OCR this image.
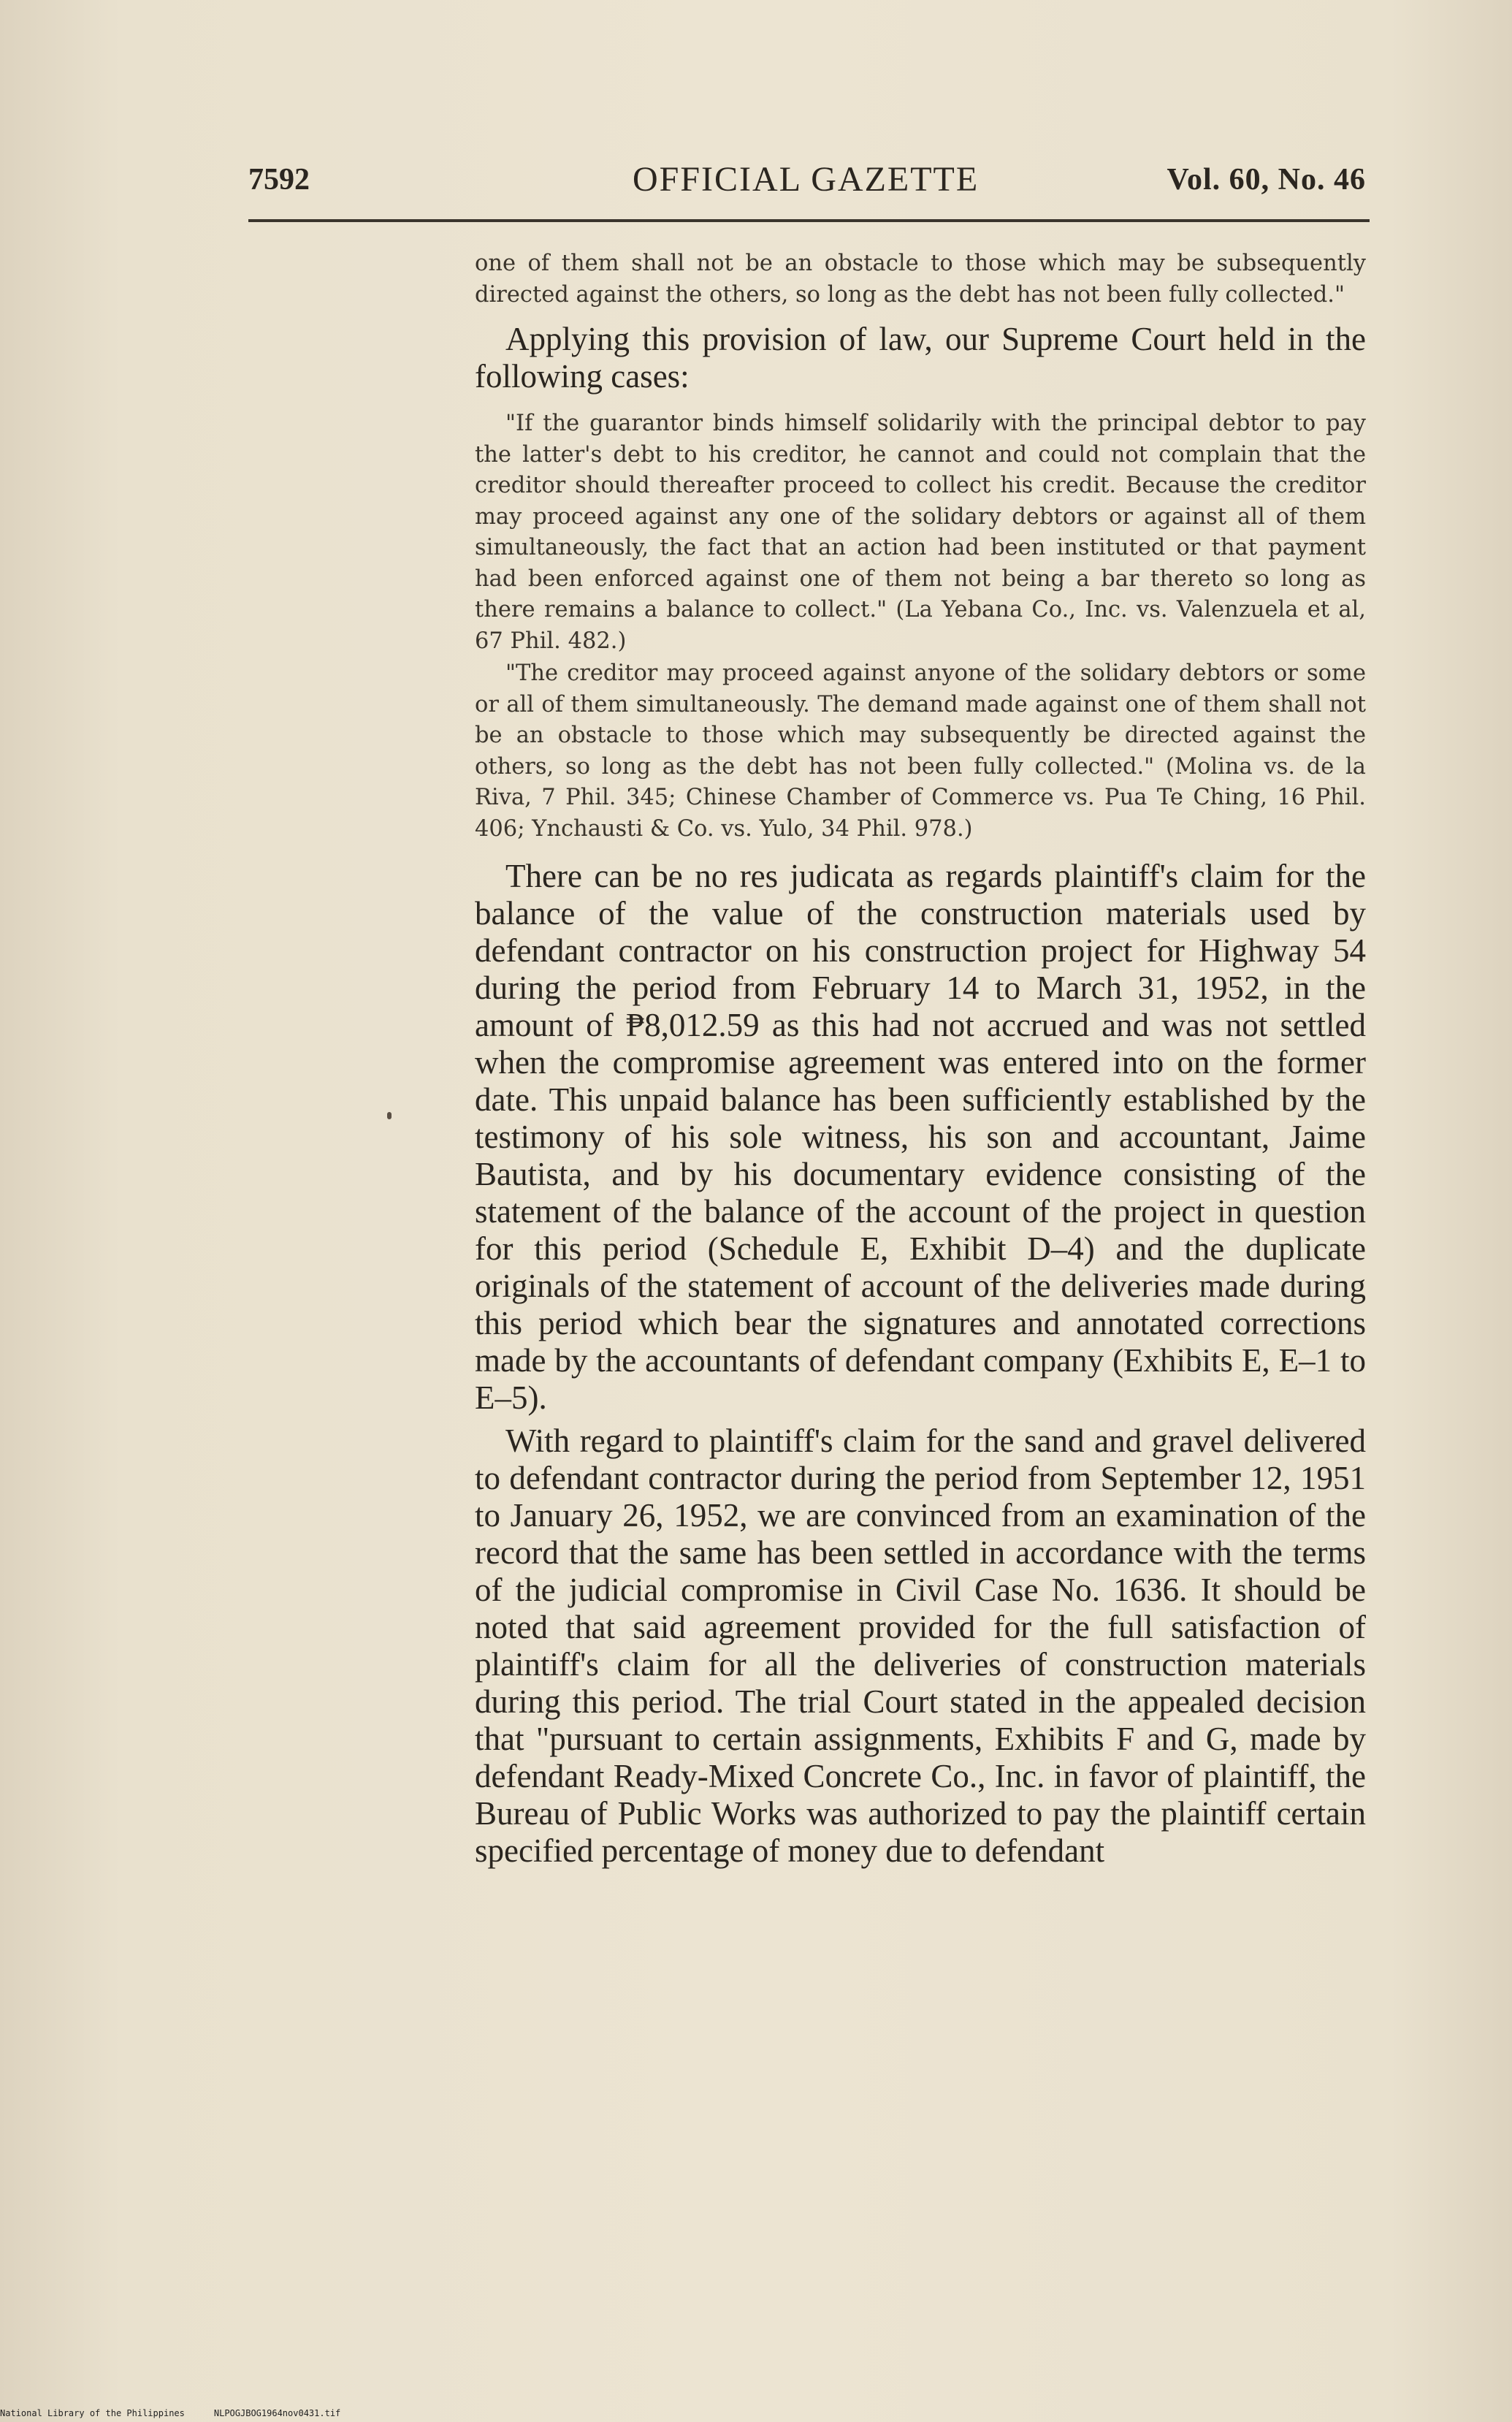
7592	OFFICIAL GAZETTE	Vol. 60, No. 46

one of them shall not be an obstacle to those which may be subsequently directed against the others, so long as the debt has not been fully collected."

Applying this provision of law, our Supreme Court held in the following cases:

"If the guarantor binds himself solidarily with the principal debtor to pay the latter's debt to his creditor, he cannot and could not complain that the creditor should thereafter proceed to collect his credit. Because the creditor may proceed against any one of the solidary debtors or against all of them simultaneously, the fact that an action had been instituted or that payment had been enforced against one of them not being a bar thereto so long as there remains a balance to collect." (La Yebana Co., Inc. vs. Valenzuela et al, 67 Phil. 482.)

"The creditor may proceed against anyone of the solidary debtors or some or all of them simultaneously. The demand made against one of them shall not be an obstacle to those which may subsequently be directed against the others, so long as the debt has not been fully collected." (Molina vs. de la Riva, 7 Phil. 345; Chinese Chamber of Commerce vs. Pua Te Ching, 16 Phil. 406; Ynchausti & Co. vs. Yulo, 34 Phil. 978.)

There can be no res judicata as regards plaintiff's claim for the balance of the value of the construction materials used by defendant contractor on his construction project for Highway 54 during the period from February 14 to March 31, 1952, in the amount of ₱8,012.59 as this had not accrued and was not settled when the compromise agreement was entered into on the former date. This unpaid balance has been sufficiently established by the testimony of his sole witness, his son and accountant, Jaime Bautista, and by his documentary evidence consisting of the statement of the balance of the account of the project in question for this period (Schedule E, Exhibit D–4) and the duplicate originals of the statement of account of the deliveries made during this period which bear the signatures and annotated corrections made by the accountants of defendant company (Exhibits E, E–1 to E–5).

With regard to plaintiff's claim for the sand and gravel delivered to defendant contractor during the period from September 12, 1951 to January 26, 1952, we are convinced from an examination of the record that the same has been settled in accordance with the terms of the judicial compromise in Civil Case No. 1636. It should be noted that said agreement provided for the full satisfaction of plaintiff's claim for all the deliveries of construction materials during this period. The trial Court stated in the appealed decision that "pursuant to certain assignments, Exhibits F and G, made by defendant Ready-Mixed Concrete Co., Inc. in favor of plaintiff, the Bureau of Public Works was authorized to pay the plaintiff certain specified percentage of money due to defendant

National Library of the Philippines	NLPOGJBOG1964nov0431.tif
